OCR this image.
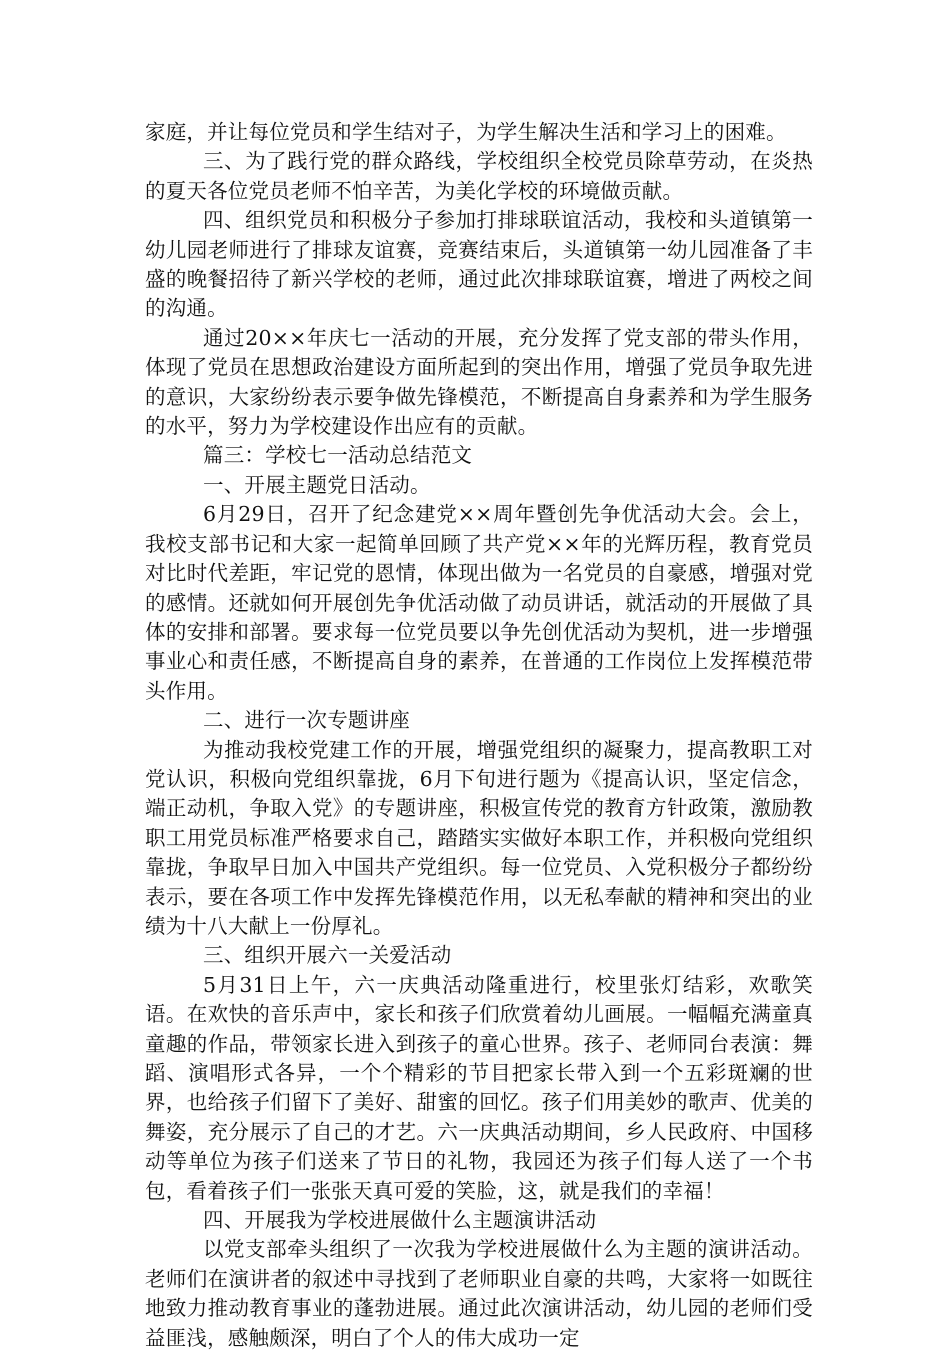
家庭，并让每位党员和学生结对子，为学生解决生活和学习上的困难。

三、为了践行党的群众路线，学校组织全校党员除草劳动，在炎热的夏天各位党员老师不怕辛苦，为美化学校的环境做贡献。

四、组织党员和积极分子参加打排球联谊活动，我校和头道镇第一幼儿园老师进行了排球友谊赛，竞赛结束后，头道镇第一幼儿园准备了丰盛的晚餐招待了新兴学校的老师，通过此次排球联谊赛，增进了两校之间的沟通。

通过20××年庆七一活动的开展，充分发挥了党支部的带头作用，体现了党员在思想政治建设方面所起到的突出作用，增强了党员争取先进的意识，大家纷纷表示要争做先锋模范，不断提高自身素养和为学生服务的水平，努力为学校建设作出应有的贡献。

篇三：学校七一活动总结范文

一、开展主题党日活动。

6月29日，召开了纪念建党××周年暨创先争优活动大会。会上，我校支部书记和大家一起简单回顾了共产党××年的光辉历程，教育党员对比时代差距，牢记党的恩情，体现出做为一名党员的自豪感，增强对党的感情。还就如何开展创先争优活动做了动员讲话，就活动的开展做了具体的安排和部署。要求每一位党员要以争先创优活动为契机，进一步增强事业心和责任感，不断提高自身的素养，在普通的工作岗位上发挥模范带头作用。

二、进行一次专题讲座

为推动我校党建工作的开展，增强党组织的凝聚力，提高教职工对党认识，积极向党组织靠拢，6月下旬进行题为《提高认识，坚定信念，端正动机，争取入党》的专题讲座，积极宣传党的教育方针政策，激励教职工用党员标准严格要求自己，踏踏实实做好本职工作，并积极向党组织靠拢，争取早日加入中国共产党组织。每一位党员、入党积极分子都纷纷表示，要在各项工作中发挥先锋模范作用，以无私奉献的精神和突出的业绩为十八大献上一份厚礼。

三、组织开展六一关爱活动

5月31日上午，六一庆典活动隆重进行，校里张灯结彩，欢歌笑语。在欢快的音乐声中，家长和孩子们欣赏着幼儿画展。一幅幅充满童真童趣的作品，带领家长进入到孩子的童心世界。孩子、老师同台表演：舞蹈、演唱形式各异，一个个精彩的节目把家长带入到一个五彩斑斓的世界，也给孩子们留下了美好、甜蜜的回忆。孩子们用美妙的歌声、优美的舞姿，充分展示了自己的才艺。六一庆典活动期间，乡人民政府、中国移动等单位为孩子们送来了节日的礼物，我园还为孩子们每人送了一个书包，看着孩子们一张张天真可爱的笑脸，这，就是我们的幸福！

四、开展我为学校进展做什么主题演讲活动

以党支部牵头组织了一次我为学校进展做什么为主题的演讲活动。老师们在演讲者的叙述中寻找到了老师职业自豪的共鸣，大家将一如既往地致力推动教育事业的蓬勃进展。通过此次演讲活动，幼儿园的老师们受益匪浅，感触颇深，明白了个人的伟大成功一定
